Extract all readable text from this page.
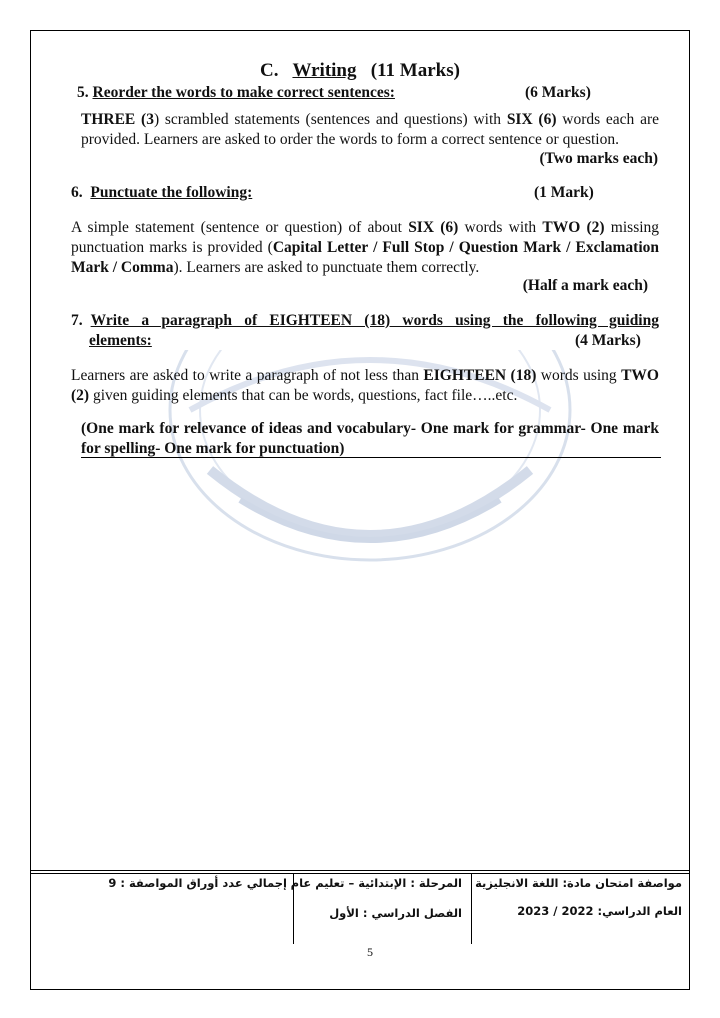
C. Writing (11 Marks)
5. Reorder the words to make correct sentences:	(6 Marks)
THREE (3) scrambled statements (sentences and questions) with SIX (6) words each are provided. Learners are asked to order the words to form a correct sentence or question.
(Two marks each)
6. Punctuate the following:	(1 Mark)
A simple statement (sentence or question) of about SIX (6) words with TWO (2) missing punctuation marks is provided (Capital Letter / Full Stop / Question Mark / Exclamation Mark / Comma). Learners are asked to punctuate them correctly.
(Half a mark each)
7. Write a paragraph of EIGHTEEN (18) words using the following guiding
elements:	(4 Marks)
Learners are asked to write a paragraph of not less than EIGHTEEN (18) words using TWO (2) given guiding elements that can be words, questions, fact file…..etc.
(One mark for relevance of ideas and vocabulary- One mark for grammar- One mark for spelling- One mark for punctuation)
مواصفة امتحان مادة: اللغة الانجليزية
العام الدراسي: 2022 / 2023
المرحلة : الإبتدائية – تعليم عام
الفصل الدراسي : الأول
إجمالي عدد أوراق المواصفة : 9
5
